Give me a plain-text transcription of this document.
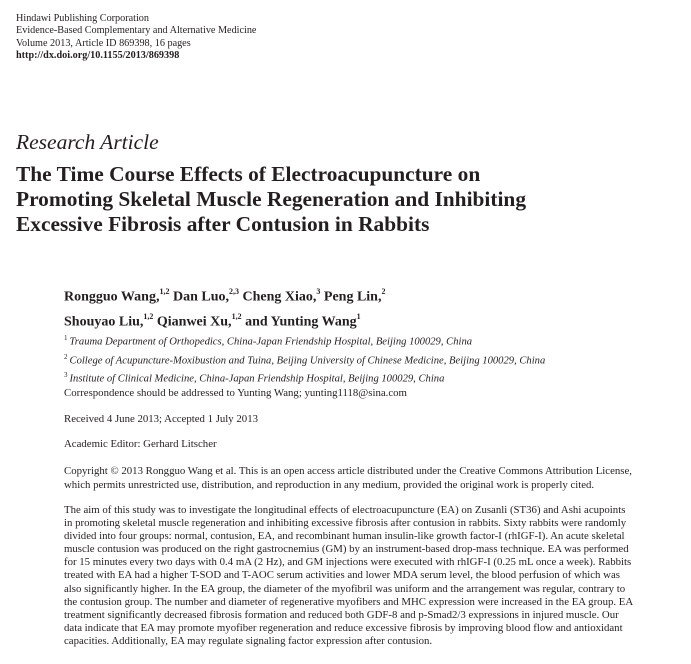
Hindawi Publishing Corporation
Evidence-Based Complementary and Alternative Medicine
Volume 2013, Article ID 869398, 16 pages
http://dx.doi.org/10.1155/2013/869398
Research Article
The Time Course Effects of Electroacupuncture on
Promoting Skeletal Muscle Regeneration and Inhibiting
Excessive Fibrosis after Contusion in Rabbits
Rongguo Wang,$^{1,2}$ Dan Luo,$^{2,3}$ Cheng Xiao,$^3$ Peng Lin,$^2$
Shouyao Liu,$^{1,2}$ Qianwei Xu,$^{1,2}$ and Yunting Wang$^1$
$^1$ Trauma Department of Orthopedics, China-Japan Friendship Hospital, Beijing 100029, China
$^2$ College of Acupuncture-Moxibustion and Tuina, Beijing University of Chinese Medicine, Beijing 100029, China
$^3$ Institute of Clinical Medicine, China-Japan Friendship Hospital, Beijing 100029, China
Correspondence should be addressed to Yunting Wang; yunting1118@sina.com
Received 4 June 2013; Accepted 1 July 2013
Academic Editor: Gerhard Litscher
Copyright © 2013 Rongguo Wang et al. This is an open access article distributed under the Creative Commons Attribution License,
which permits unrestricted use, distribution, and reproduction in any medium, provided the original work is properly cited.
The aim of this study was to investigate the longitudinal effects of electroacupuncture (EA) on Zusanli (ST36) and Ashi acupoints
in promoting skeletal muscle regeneration and inhibiting excessive fibrosis after contusion in rabbits. Sixty rabbits were randomly
divided into four groups: normal, contusion, EA, and recombinant human insulin-like growth factor-I (rhIGF-I). An acute skeletal
muscle contusion was produced on the right gastrocnemius (GM) by an instrument-based drop-mass technique. EA was performed
for 15 minutes every two days with 0.4 mA (2 Hz), and GM injections were executed with rhIGF-I (0.25 mL once a week). Rabbits
treated with EA had a higher T-SOD and T-AOC serum activities and lower MDA serum level, the blood perfusion of which was
also significantly higher. In the EA group, the diameter of the myofibril was uniform and the arrangement was regular, contrary to
the contusion group. The number and diameter of regenerative myofibers and MHC expression were increased in the EA group. EA
treatment significantly decreased fibrosis formation and reduced both GDF-8 and p-Smad2/3 expressions in injured muscle. Our
data indicate that EA may promote myofiber regeneration and reduce excessive fibrosis by improving blood flow and antioxidant
capacities. Additionally, EA may regulate signaling factor expression after contusion.
